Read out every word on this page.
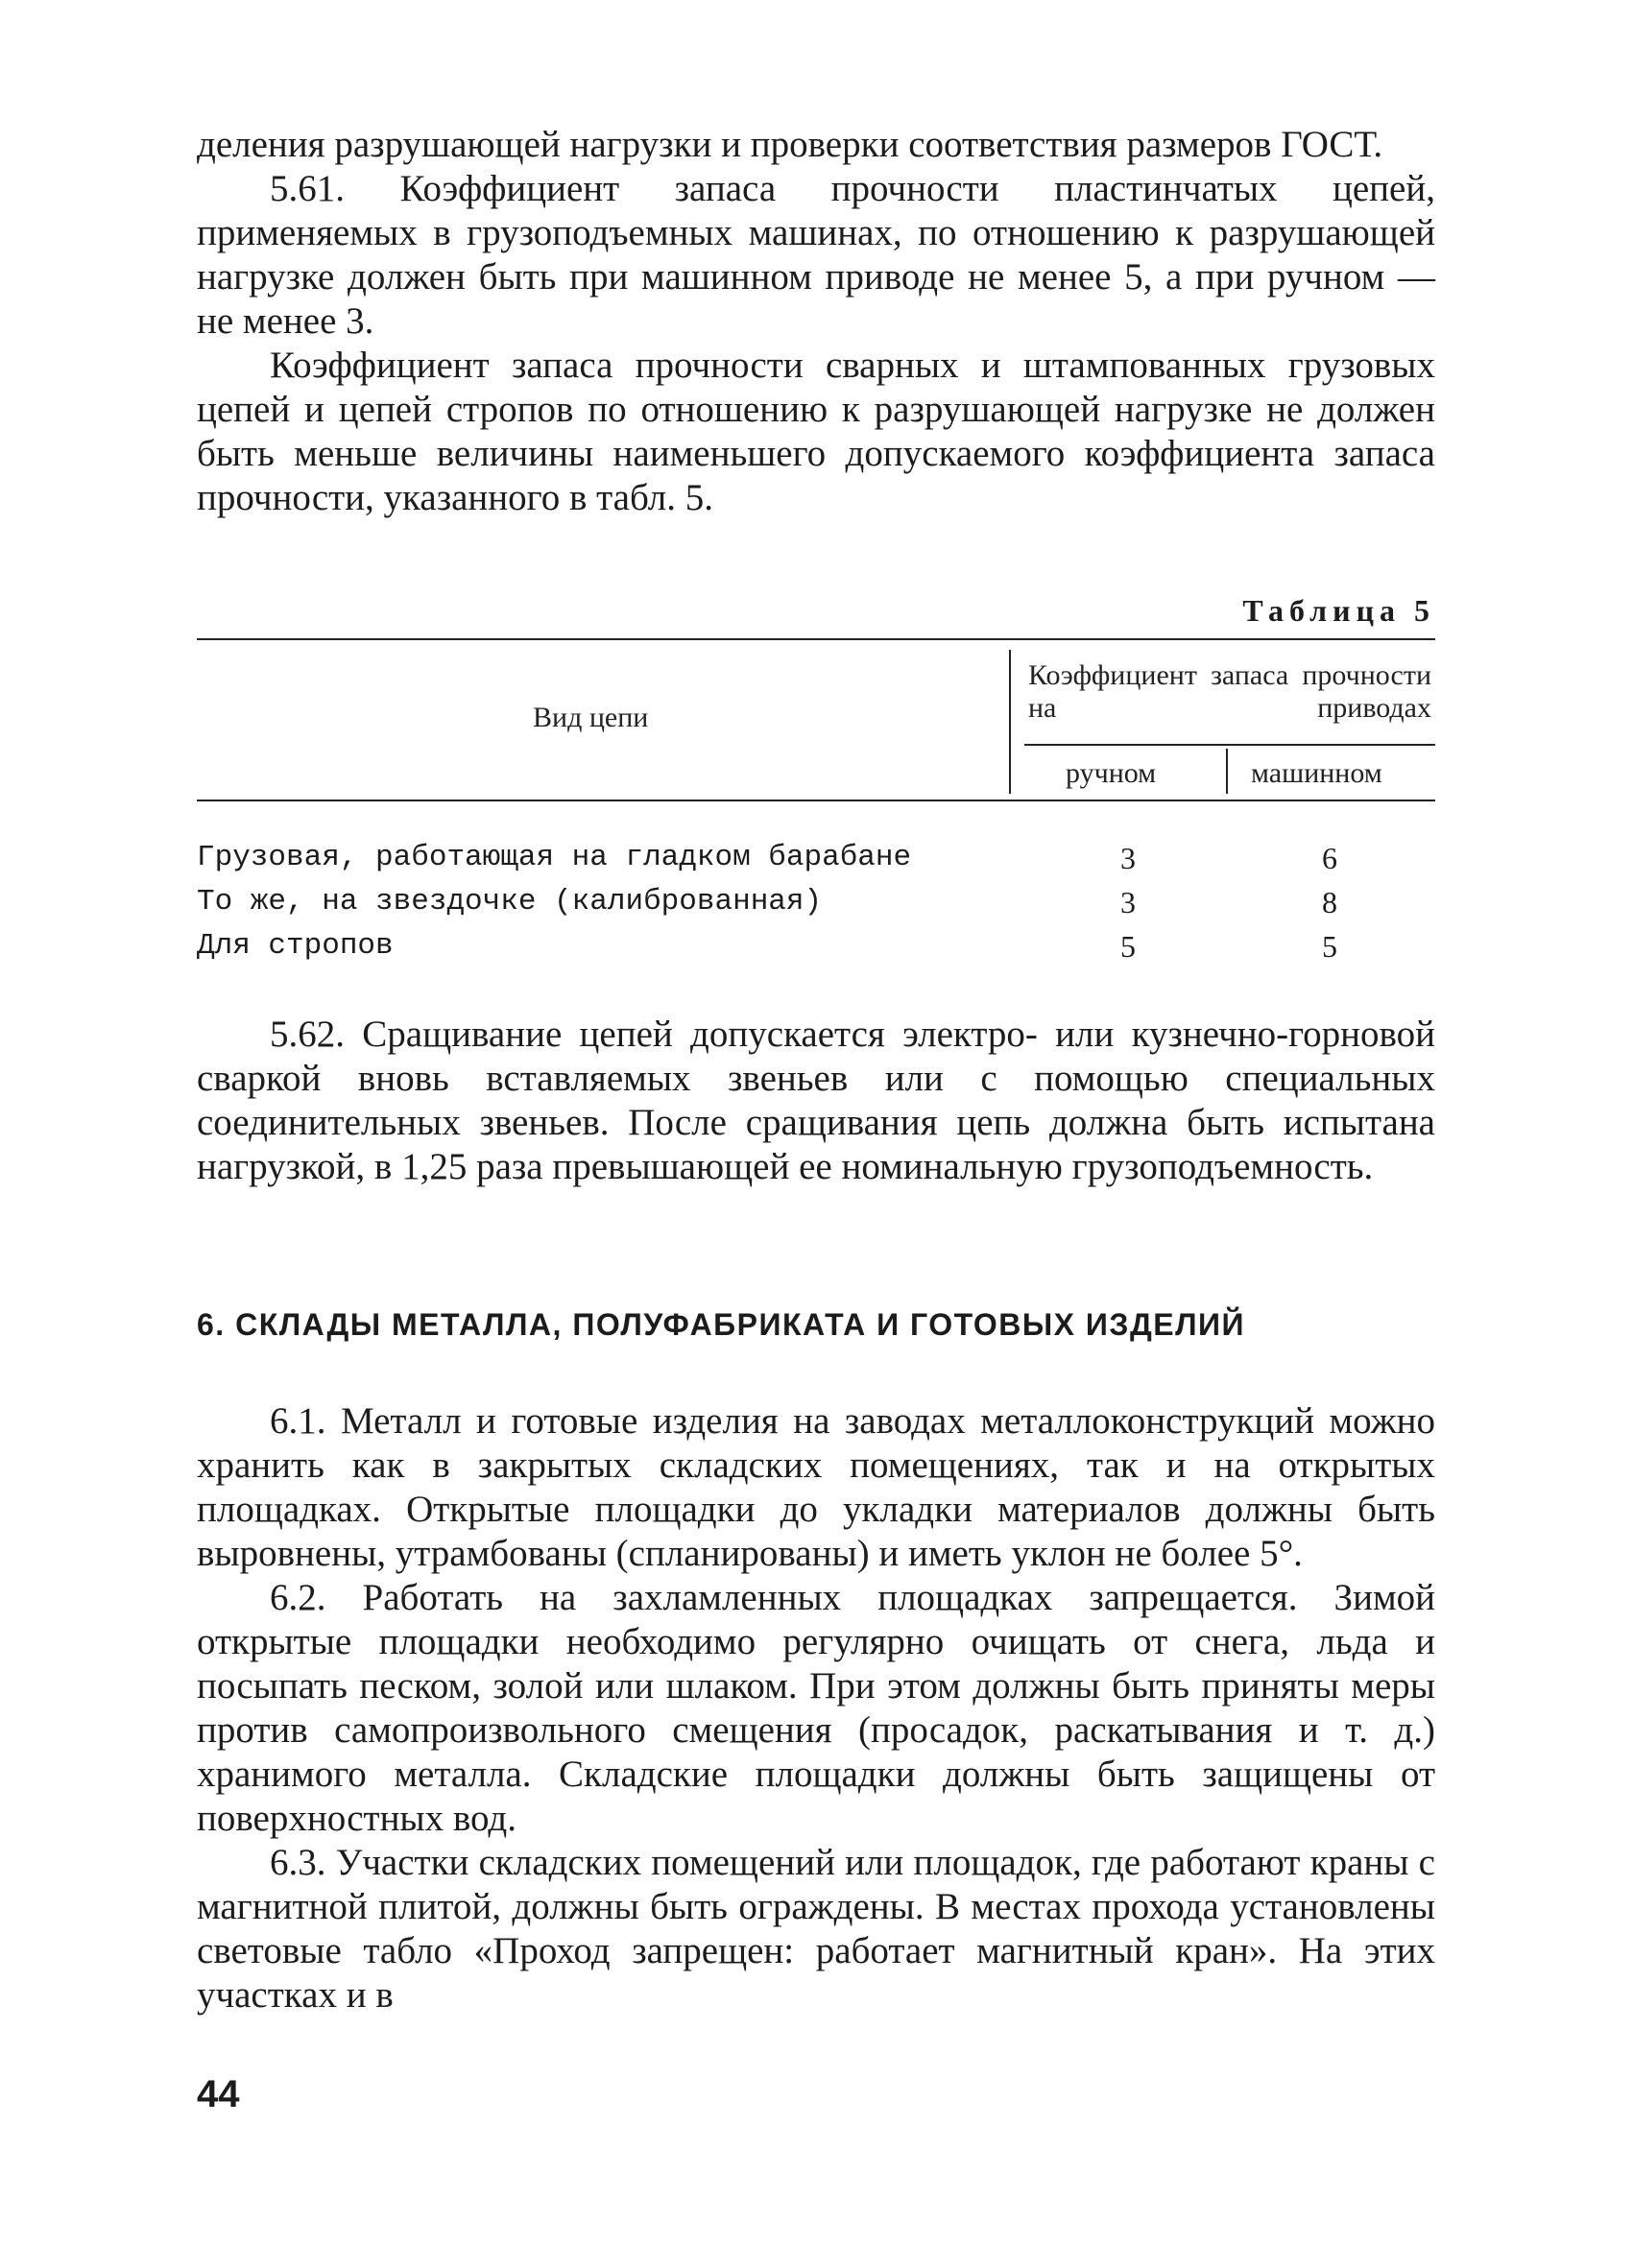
деления разрушающей нагрузки и проверки соответствия размеров ГОСТ.

5.61. Коэффициент запаса прочности пластинчатых цепей, применяемых в грузоподъемных машинах, по отношению к разрушающей нагрузке должен быть при машинном приводе не менее 5, а при ручном — не менее 3.

Коэффициент запаса прочности сварных и штампованных грузовых цепей и цепей стропов по отношению к разрушающей нагрузке не должен быть меньше величины наименьшего допускаемого коэффициента запаса прочности, указанного в табл. 5.

Таблица 5
Вид цепи
Коэффициент запаса прочности на приводах
ручном	машинном
Грузовая, работающая на гладком барабане	3	6
То же, на звездочке (калиброванная)	3	8
Для стропов	5	5

5.62. Сращивание цепей допускается электро- или кузнечно-горновой сваркой вновь вставляемых звеньев или с помощью специальных соединительных звеньев. После сращивания цепь должна быть испытана нагрузкой, в 1,25 раза превышающей ее номинальную грузоподъемность.

6. СКЛАДЫ МЕТАЛЛА, ПОЛУФАБРИКАТА И ГОТОВЫХ ИЗДЕЛИЙ

6.1. Металл и готовые изделия на заводах металлоконструкций можно хранить как в закрытых складских помещениях, так и на открытых площадках. Открытые площадки до укладки материалов должны быть выровнены, утрамбованы (спланированы) и иметь уклон не более 5°.

6.2. Работать на захламленных площадках запрещается. Зимой открытые площадки необходимо регулярно очищать от снега, льда и посыпать песком, золой или шлаком. При этом должны быть приняты меры против самопроизвольного смещения (просадок, раскатывания и т. д.) хранимого металла. Складские площадки должны быть защищены от поверхностных вод.

6.3. Участки складских помещений или площадок, где работают краны с магнитной плитой, должны быть ограждены. В местах прохода установлены световые табло «Проход запрещен: работает магнитный кран». На этих участках и в

44
